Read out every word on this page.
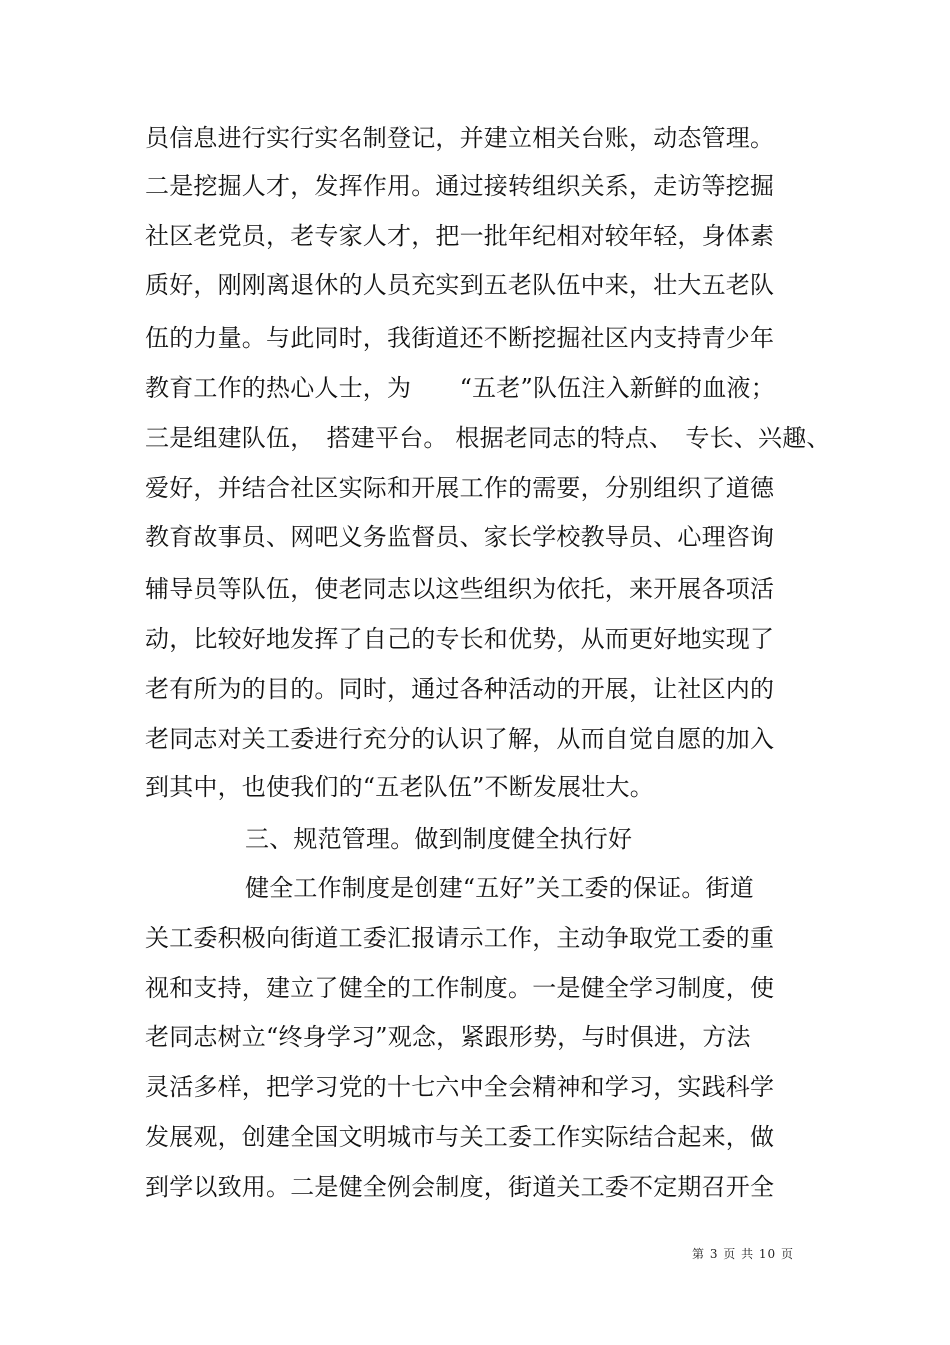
员信息进行实行实名制登记，并建立相关台账，动态管理。
二是挖掘人才，发挥作用。通过接转组织关系，走访等挖掘
社区老党员，老专家人才，把一批年纪相对较年轻，身体素
质好，刚刚离退休的人员充实到五老队伍中来，壮大五老队
伍的力量。与此同时，我街道还不断挖掘社区内支持青少年
教育工作的热心人士，为　　“五老”队伍注入新鲜的血液；
三是组建队伍，　搭建平台。 根据老同志的特点、　专长、兴趣、
爱好，并结合社区实际和开展工作的需要，分别组织了道德
教育故事员、网吧义务监督员、家长学校教导员、心理咨询
辅导员等队伍，使老同志以这些组织为依托，来开展各项活
动，比较好地发挥了自己的专长和优势，从而更好地实现了
老有所为的目的。同时，通过各种活动的开展，让社区内的
老同志对关工委进行充分的认识了解，从而自觉自愿的加入
到其中，也使我们的“五老队伍”不断发展壮大。
三、规范管理。做到制度健全执行好
健全工作制度是创建“五好”关工委的保证。街道
关工委积极向街道工委汇报请示工作，主动争取党工委的重
视和支持，建立了健全的工作制度。一是健全学习制度，使
老同志树立“终身学习”观念，紧跟形势，与时俱进，方法
灵活多样，把学习党的十七六中全会精神和学习，实践科学
发展观，创建全国文明城市与关工委工作实际结合起来，做
到学以致用。二是健全例会制度，街道关工委不定期召开全
第 3 页 共 10 页
